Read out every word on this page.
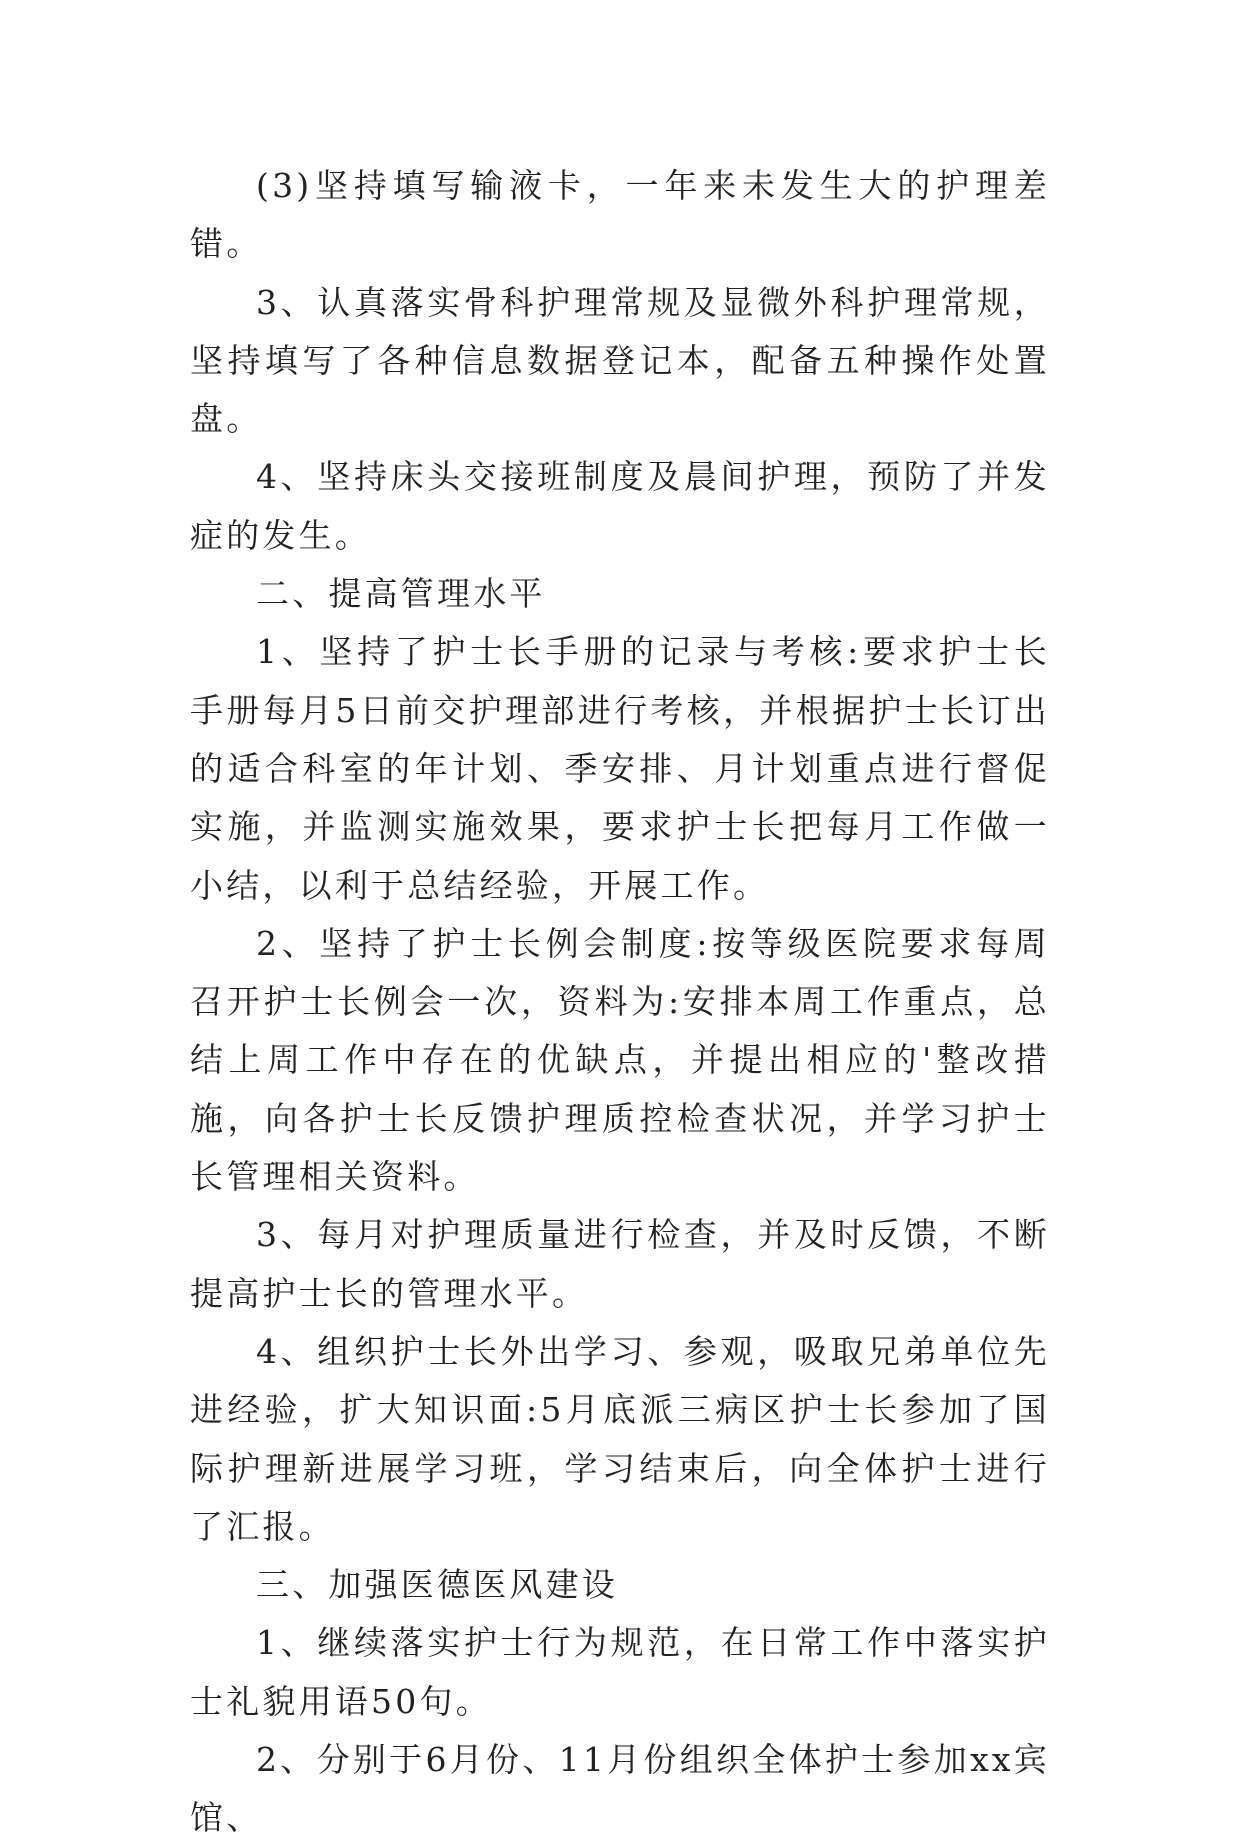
(3)坚持填写输液卡，一年来未发生大的护理差错。

3、认真落实骨科护理常规及显微外科护理常规，坚持填写了各种信息数据登记本，配备五种操作处置盘。

4、坚持床头交接班制度及晨间护理，预防了并发症的发生。

二、提高管理水平

1、坚持了护士长手册的记录与考核:要求护士长手册每月5日前交护理部进行考核，并根据护士长订出的适合科室的年计划、季安排、月计划重点进行督促实施，并监测实施效果，要求护士长把每月工作做一小结，以利于总结经验，开展工作。

2、坚持了护士长例会制度:按等级医院要求每周召开护士长例会一次，资料为:安排本周工作重点，总结上周工作中存在的优缺点，并提出相应的'整改措施，向各护士长反馈护理质控检查状况，并学习护士长管理相关资料。

3、每月对护理质量进行检查，并及时反馈，不断提高护士长的管理水平。

4、组织护士长外出学习、参观，吸取兄弟单位先进经验，扩大知识面:5月底派三病区护士长参加了国际护理新进展学习班，学习结束后，向全体护士进行了汇报。

三、加强医德医风建设

1、继续落实护士行为规范，在日常工作中落实护士礼貌用语50句。

2、分别于6月份、11月份组织全体护士参加xx宾馆、
